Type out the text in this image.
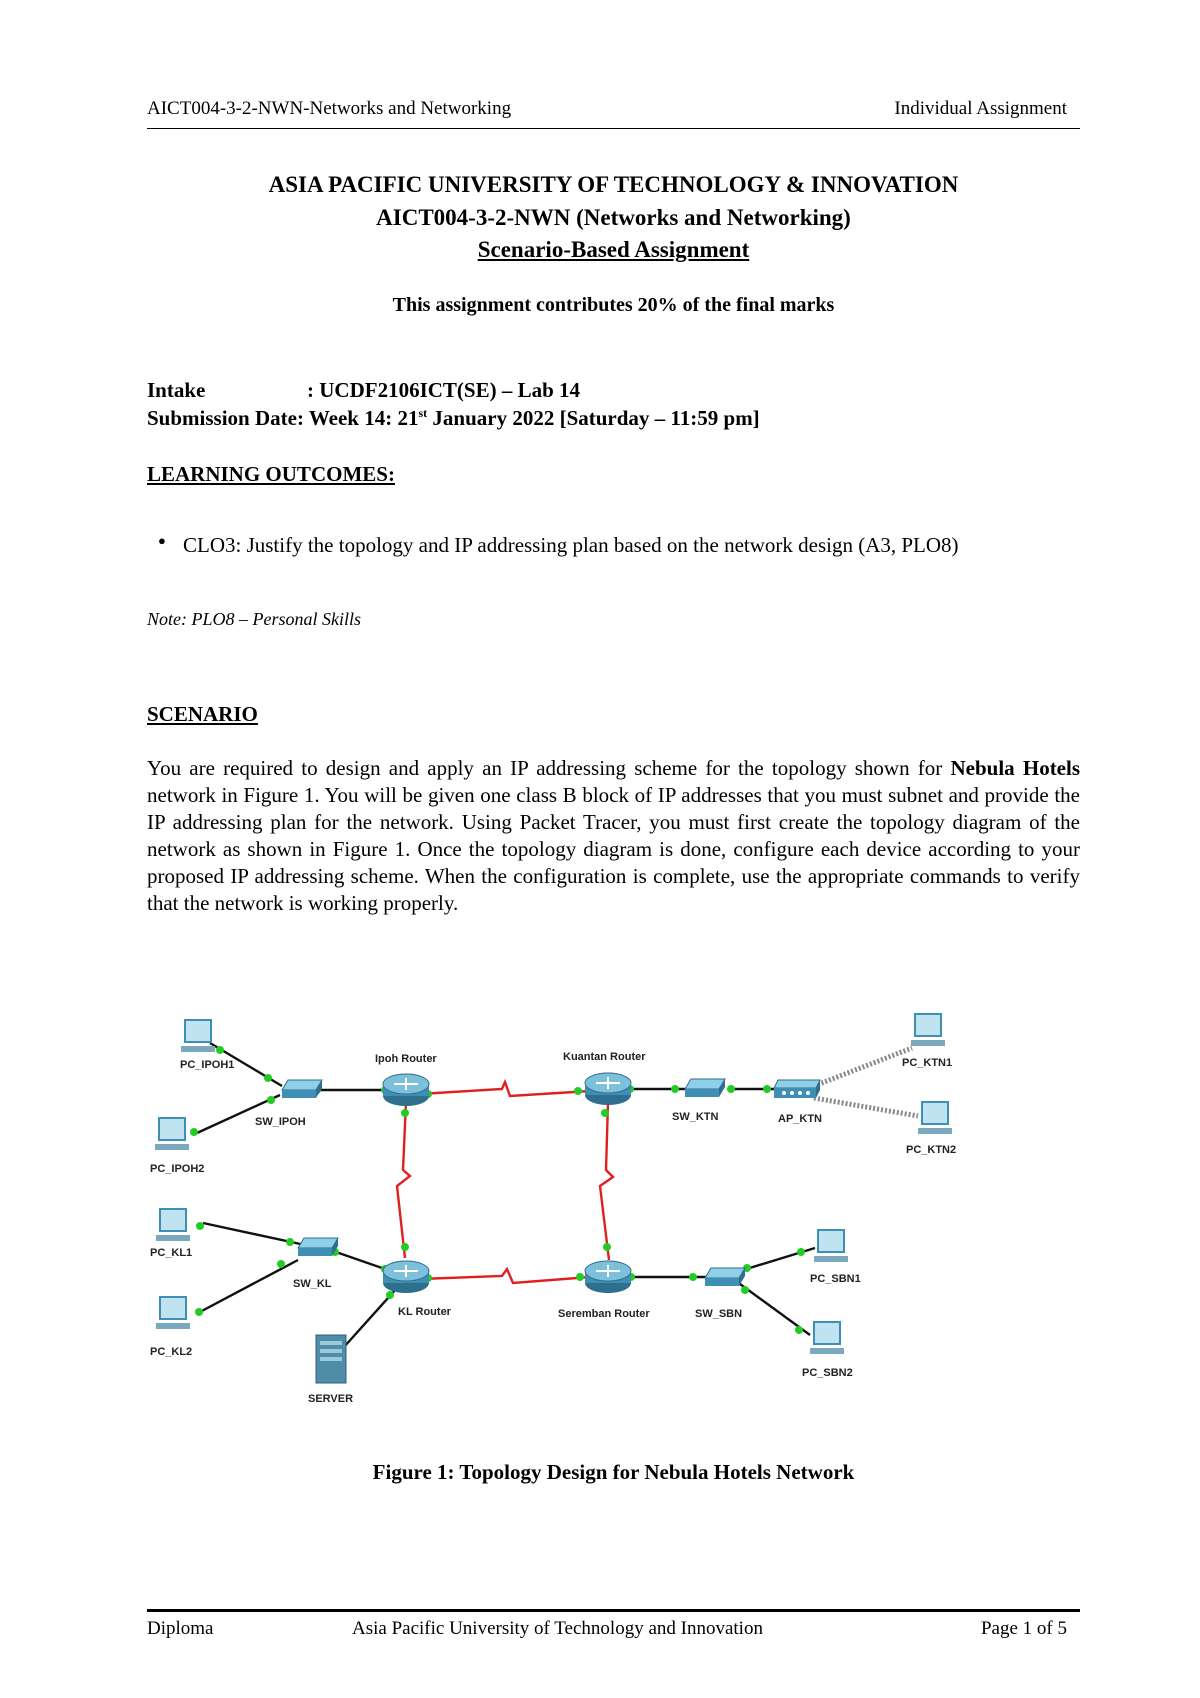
AICT004-3-2-NWN-Networks and Networking	Individual Assignment
ASIA PACIFIC UNIVERSITY OF TECHNOLOGY & INNOVATION
AICT004-3-2-NWN (Networks and Networking)
Scenario-Based Assignment
This assignment contributes 20% of the final marks
Intake	: UCDF2106ICT(SE) – Lab 14
Submission Date: Week 14: 21st January 2022 [Saturday – 11:59 pm]
LEARNING OUTCOMES:
● CLO3: Justify the topology and IP addressing plan based on the network design (A3, PLO8)
Note: PLO8 – Personal Skills
SCENARIO
You are required to design and apply an IP addressing scheme for the topology shown for Nebula Hotels network in Figure 1. You will be given one class B block of IP addresses that you must subnet and provide the IP addressing plan for the network. Using Packet Tracer, you must first create the topology diagram of the network as shown in Figure 1. Once the topology diagram is done, configure each device according to your proposed IP addressing scheme. When the configuration is complete, use the appropriate commands to verify that the network is working properly.
PC_IPOH1
PC_IPOH2
SW_IPOH
Ipoh Router	Kuantan Router
SW_KTN	AP_KTN
PC_KTN1
PC_KTN2
PC_KL1
PC_KL2
SW_KL
KL Router	Seremban Router	SW_SBN
PC_SBN1
PC_SBN2
SERVER
Figure 1: Topology Design for Nebula Hotels Network
Diploma	Asia Pacific University of Technology and Innovation	Page 1 of 5
